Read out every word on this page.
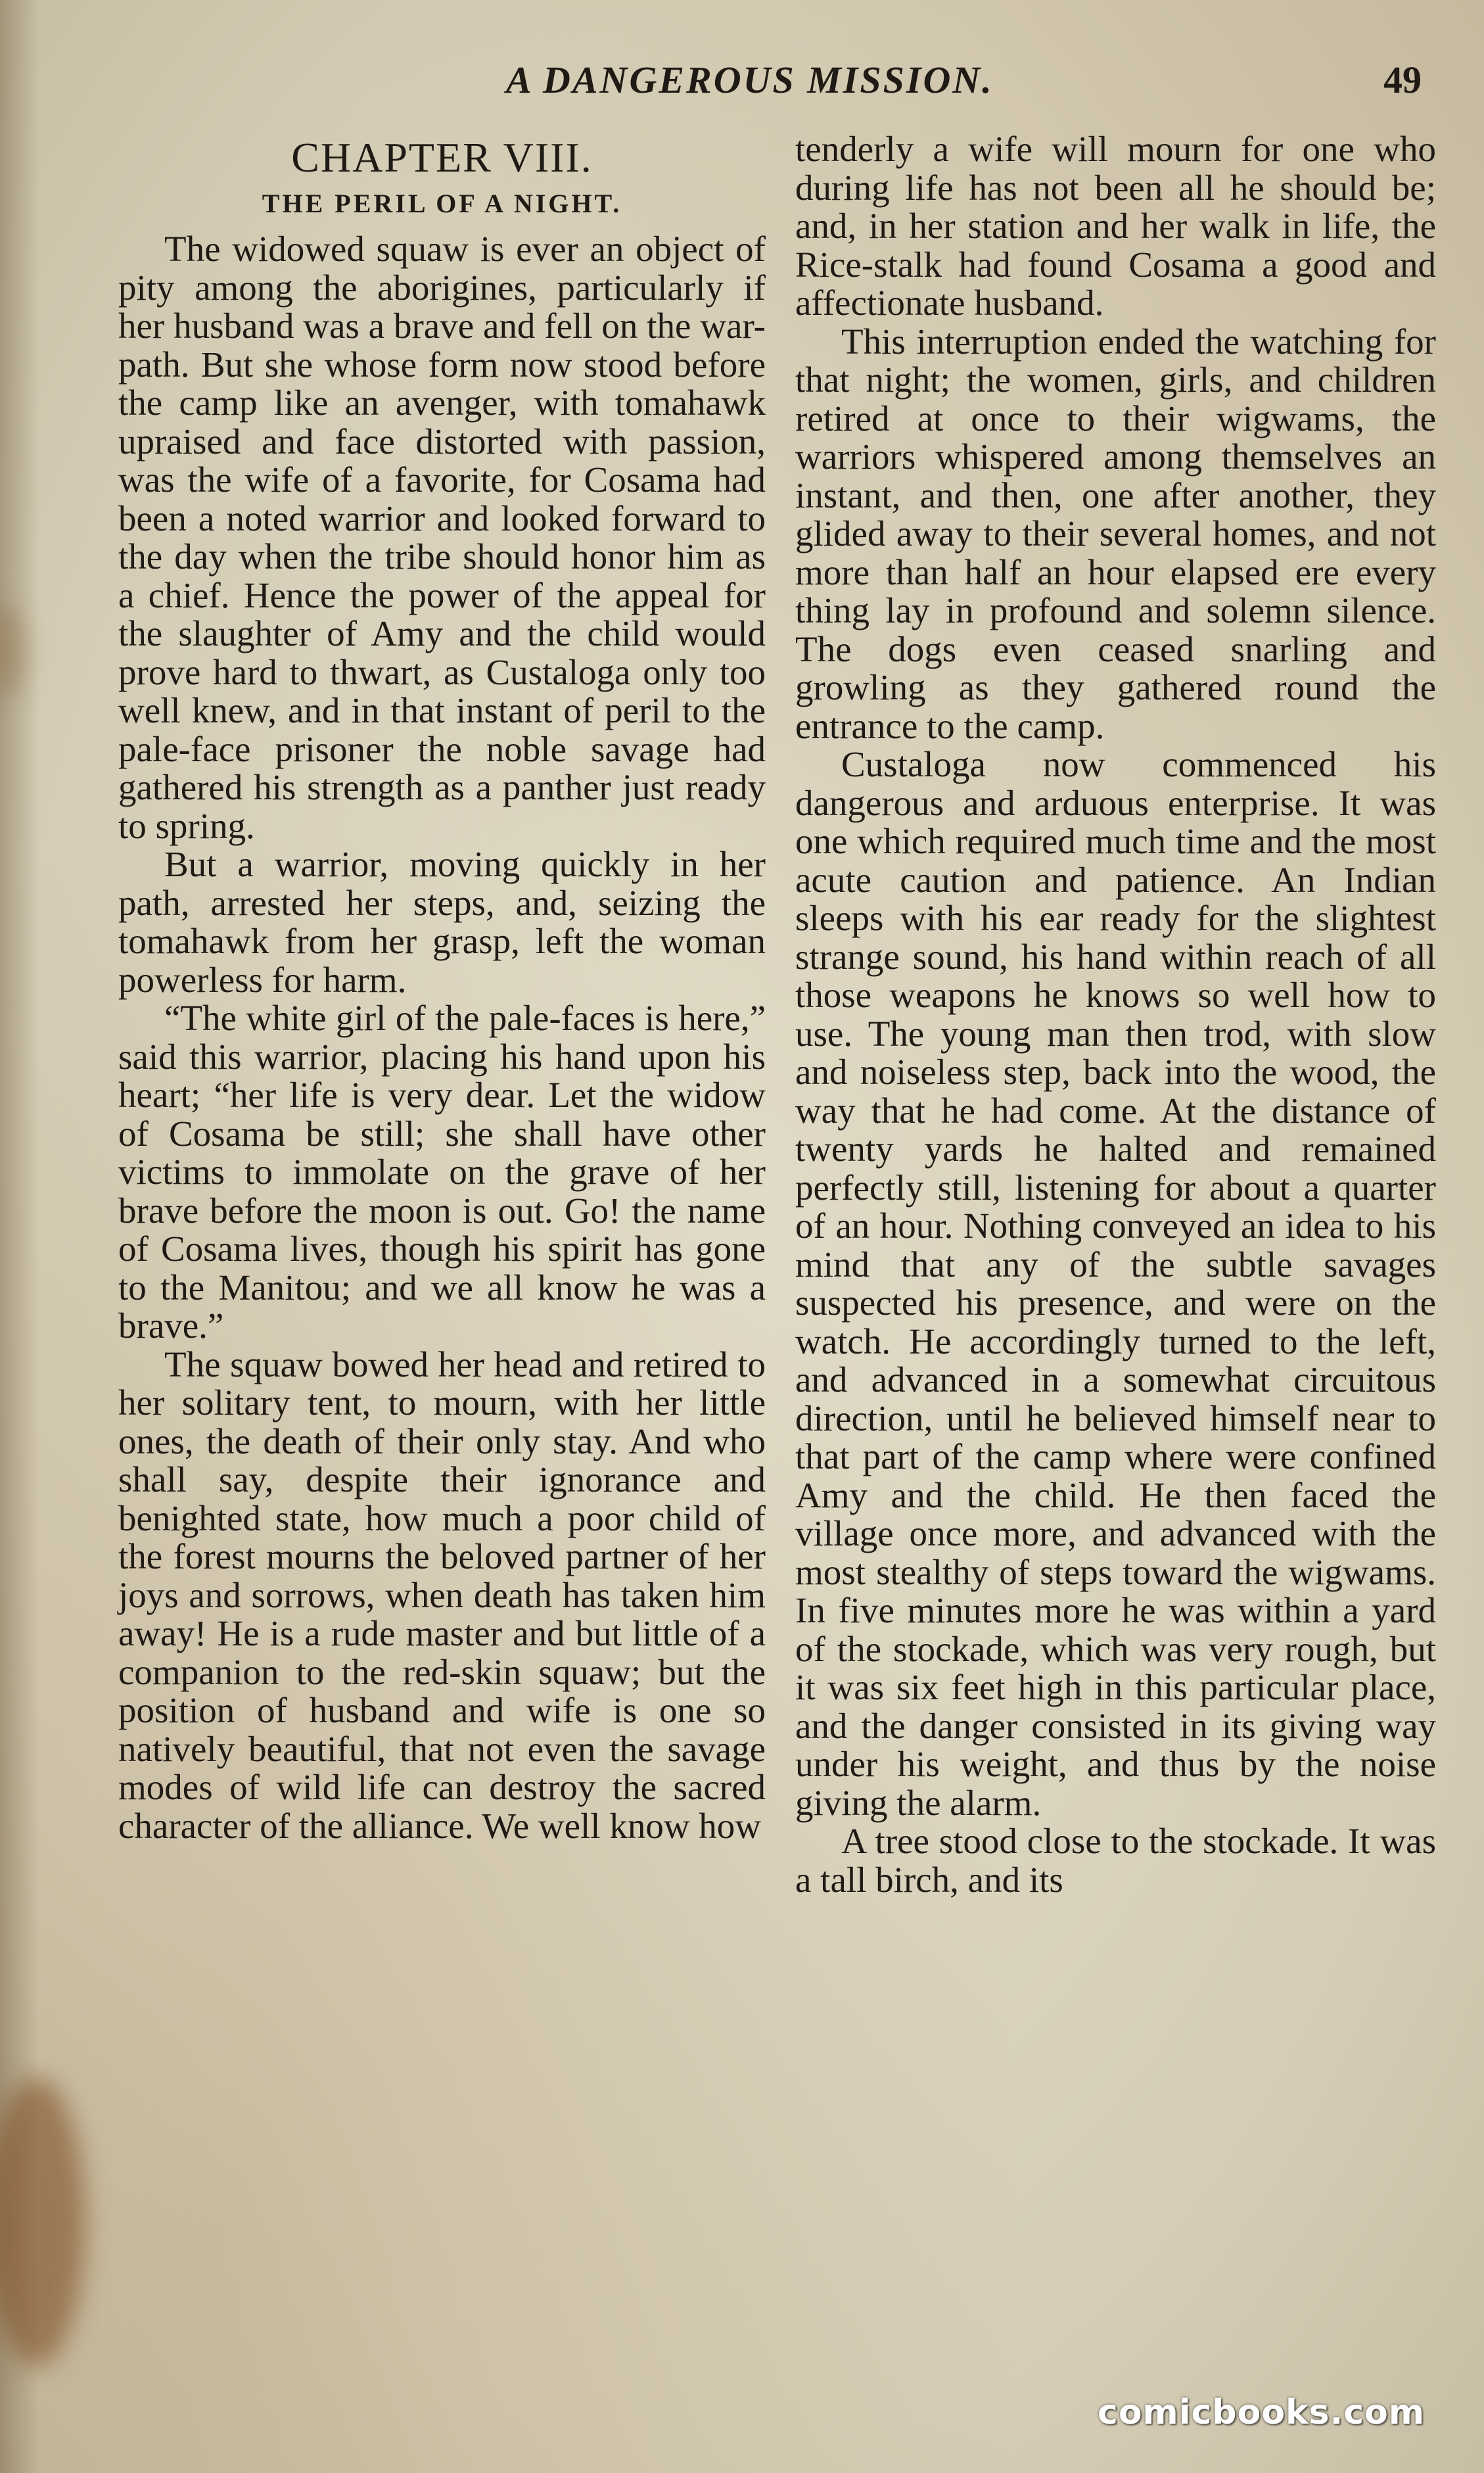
A DANGEROUS MISSION.	49
CHAPTER VIII.
THE PERIL OF A NIGHT.

The widowed squaw is ever an object of pity among the aborigines, particularly if her husband was a brave and fell on the war-path. But she whose form now stood before the camp like an avenger, with tomahawk upraised and face distorted with passion, was the wife of a favorite, for Cosama had been a noted warrior and looked forward to the day when the tribe should honor him as a chief. Hence the power of the appeal for the slaughter of Amy and the child would prove hard to thwart, as Custaloga only too well knew, and in that instant of peril to the pale-face prisoner the noble savage had gathered his strength as a panther just ready to spring.

But a warrior, moving quickly in her path, arrested her steps, and, seizing the tomahawk from her grasp, left the woman powerless for harm.

“The white girl of the pale-faces is here,” said this warrior, placing his hand upon his heart; “her life is very dear. Let the widow of Cosama be still; she shall have other victims to immolate on the grave of her brave before the moon is out. Go! the name of Cosama lives, though his spirit has gone to the Manitou; and we all know he was a brave.”

The squaw bowed her head and retired to her solitary tent, to mourn, with her little ones, the death of their only stay. And who shall say, despite their ignorance and benighted state, how much a poor child of the forest mourns the beloved partner of her joys and sorrows, when death has taken him away! He is a rude master and but little of a companion to the red-skin squaw; but the position of husband and wife is one so natively beautiful, that not even the savage modes of wild life can destroy the sacred character of the alliance. We well know how

tenderly a wife will mourn for one who during life has not been all he should be; and, in her station and her walk in life, the Rice-stalk had found Cosama a good and affectionate husband.

This interruption ended the watching for that night; the women, girls, and children retired at once to their wigwams, the warriors whispered among themselves an instant, and then, one after another, they glided away to their several homes, and not more than half an hour elapsed ere every thing lay in profound and solemn silence. The dogs even ceased snarling and growling as they gathered round the entrance to the camp.

Custaloga now commenced his dangerous and arduous enterprise. It was one which required much time and the most acute caution and patience. An Indian sleeps with his ear ready for the slightest strange sound, his hand within reach of all those weapons he knows so well how to use. The young man then trod, with slow and noiseless step, back into the wood, the way that he had come. At the distance of twenty yards he halted and remained perfectly still, listening for about a quarter of an hour. Nothing conveyed an idea to his mind that any of the subtle savages suspected his presence, and were on the watch. He accordingly turned to the left, and advanced in a somewhat circuitous direction, until he believed himself near to that part of the camp where were confined Amy and the child. He then faced the village once more, and advanced with the most stealthy of steps toward the wigwams. In five minutes more he was within a yard of the stockade, which was very rough, but it was six feet high in this particular place, and the danger consisted in its giving way under his weight, and thus by the noise giving the alarm.

A tree stood close to the stockade. It was a tall birch, and its

comicbooks.com
